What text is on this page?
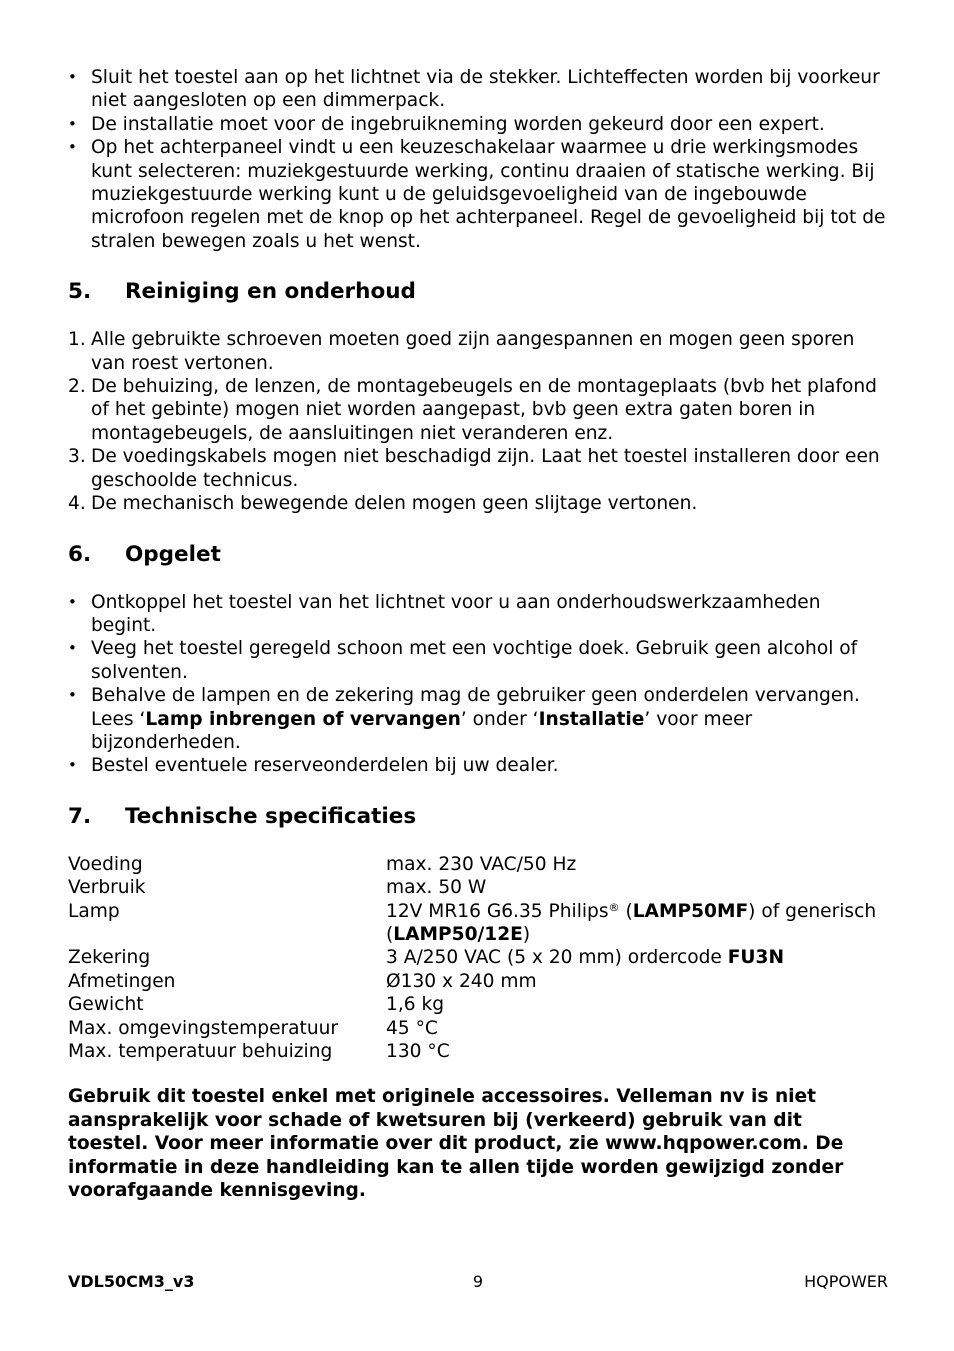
• Sluit het toestel aan op het lichtnet via de stekker. Lichteffecten worden bij voorkeur niet aangesloten op een dimmerpack.
• De installatie moet voor de ingebruikneming worden gekeurd door een expert.
• Op het achterpaneel vindt u een keuzeschakelaar waarmee u drie werkingsmodes kunt selecteren: muziekgestuurde werking, continu draaien of statische werking. Bij muziekgestuurde werking kunt u de geluidsgevoeligheid van de ingebouwde microfoon regelen met de knop op het achterpaneel. Regel de gevoeligheid bij tot de stralen bewegen zoals u het wenst.
5.	Reiniging en onderhoud
1. Alle gebruikte schroeven moeten goed zijn aangespannen en mogen geen sporen van roest vertonen.
2. De behuizing, de lenzen, de montagebeugels en de montageplaats (bvb het plafond of het gebinte) mogen niet worden aangepast, bvb geen extra gaten boren in montagebeugels, de aansluitingen niet veranderen enz.
3. De voedingskabels mogen niet beschadigd zijn. Laat het toestel installeren door een geschoolde technicus.
4. De mechanisch bewegende delen mogen geen slijtage vertonen.
6.	Opgelet
• Ontkoppel het toestel van het lichtnet voor u aan onderhoudswerkzaamheden begint.
• Veeg het toestel geregeld schoon met een vochtige doek. Gebruik geen alcohol of solventen.
• Behalve de lampen en de zekering mag de gebruiker geen onderdelen vervangen. Lees ‘Lamp inbrengen of vervangen’ onder ‘Installatie’ voor meer bijzonderheden.
• Bestel eventuele reserveonderdelen bij uw dealer.
7.	Technische specificaties
Voeding	max. 230 VAC/50 Hz
Verbruik	max. 50 W
Lamp	12V MR16 G6.35 Philips® (LAMP50MF) of generisch (LAMP50/12E)
Zekering	3 A/250 VAC (5 x 20 mm) ordercode FU3N
Afmetingen	Ø130 x 240 mm
Gewicht	1,6 kg
Max. omgevingstemperatuur	45 °C
Max. temperatuur behuizing	130 °C

Gebruik dit toestel enkel met originele accessoires. Velleman nv is niet aansprakelijk voor schade of kwetsuren bij (verkeerd) gebruik van dit toestel. Voor meer informatie over dit product, zie www.hqpower.com. De informatie in deze handleiding kan te allen tijde worden gewijzigd zonder voorafgaande kennisgeving.

VDL50CM3_v3	9	HQPOWER
